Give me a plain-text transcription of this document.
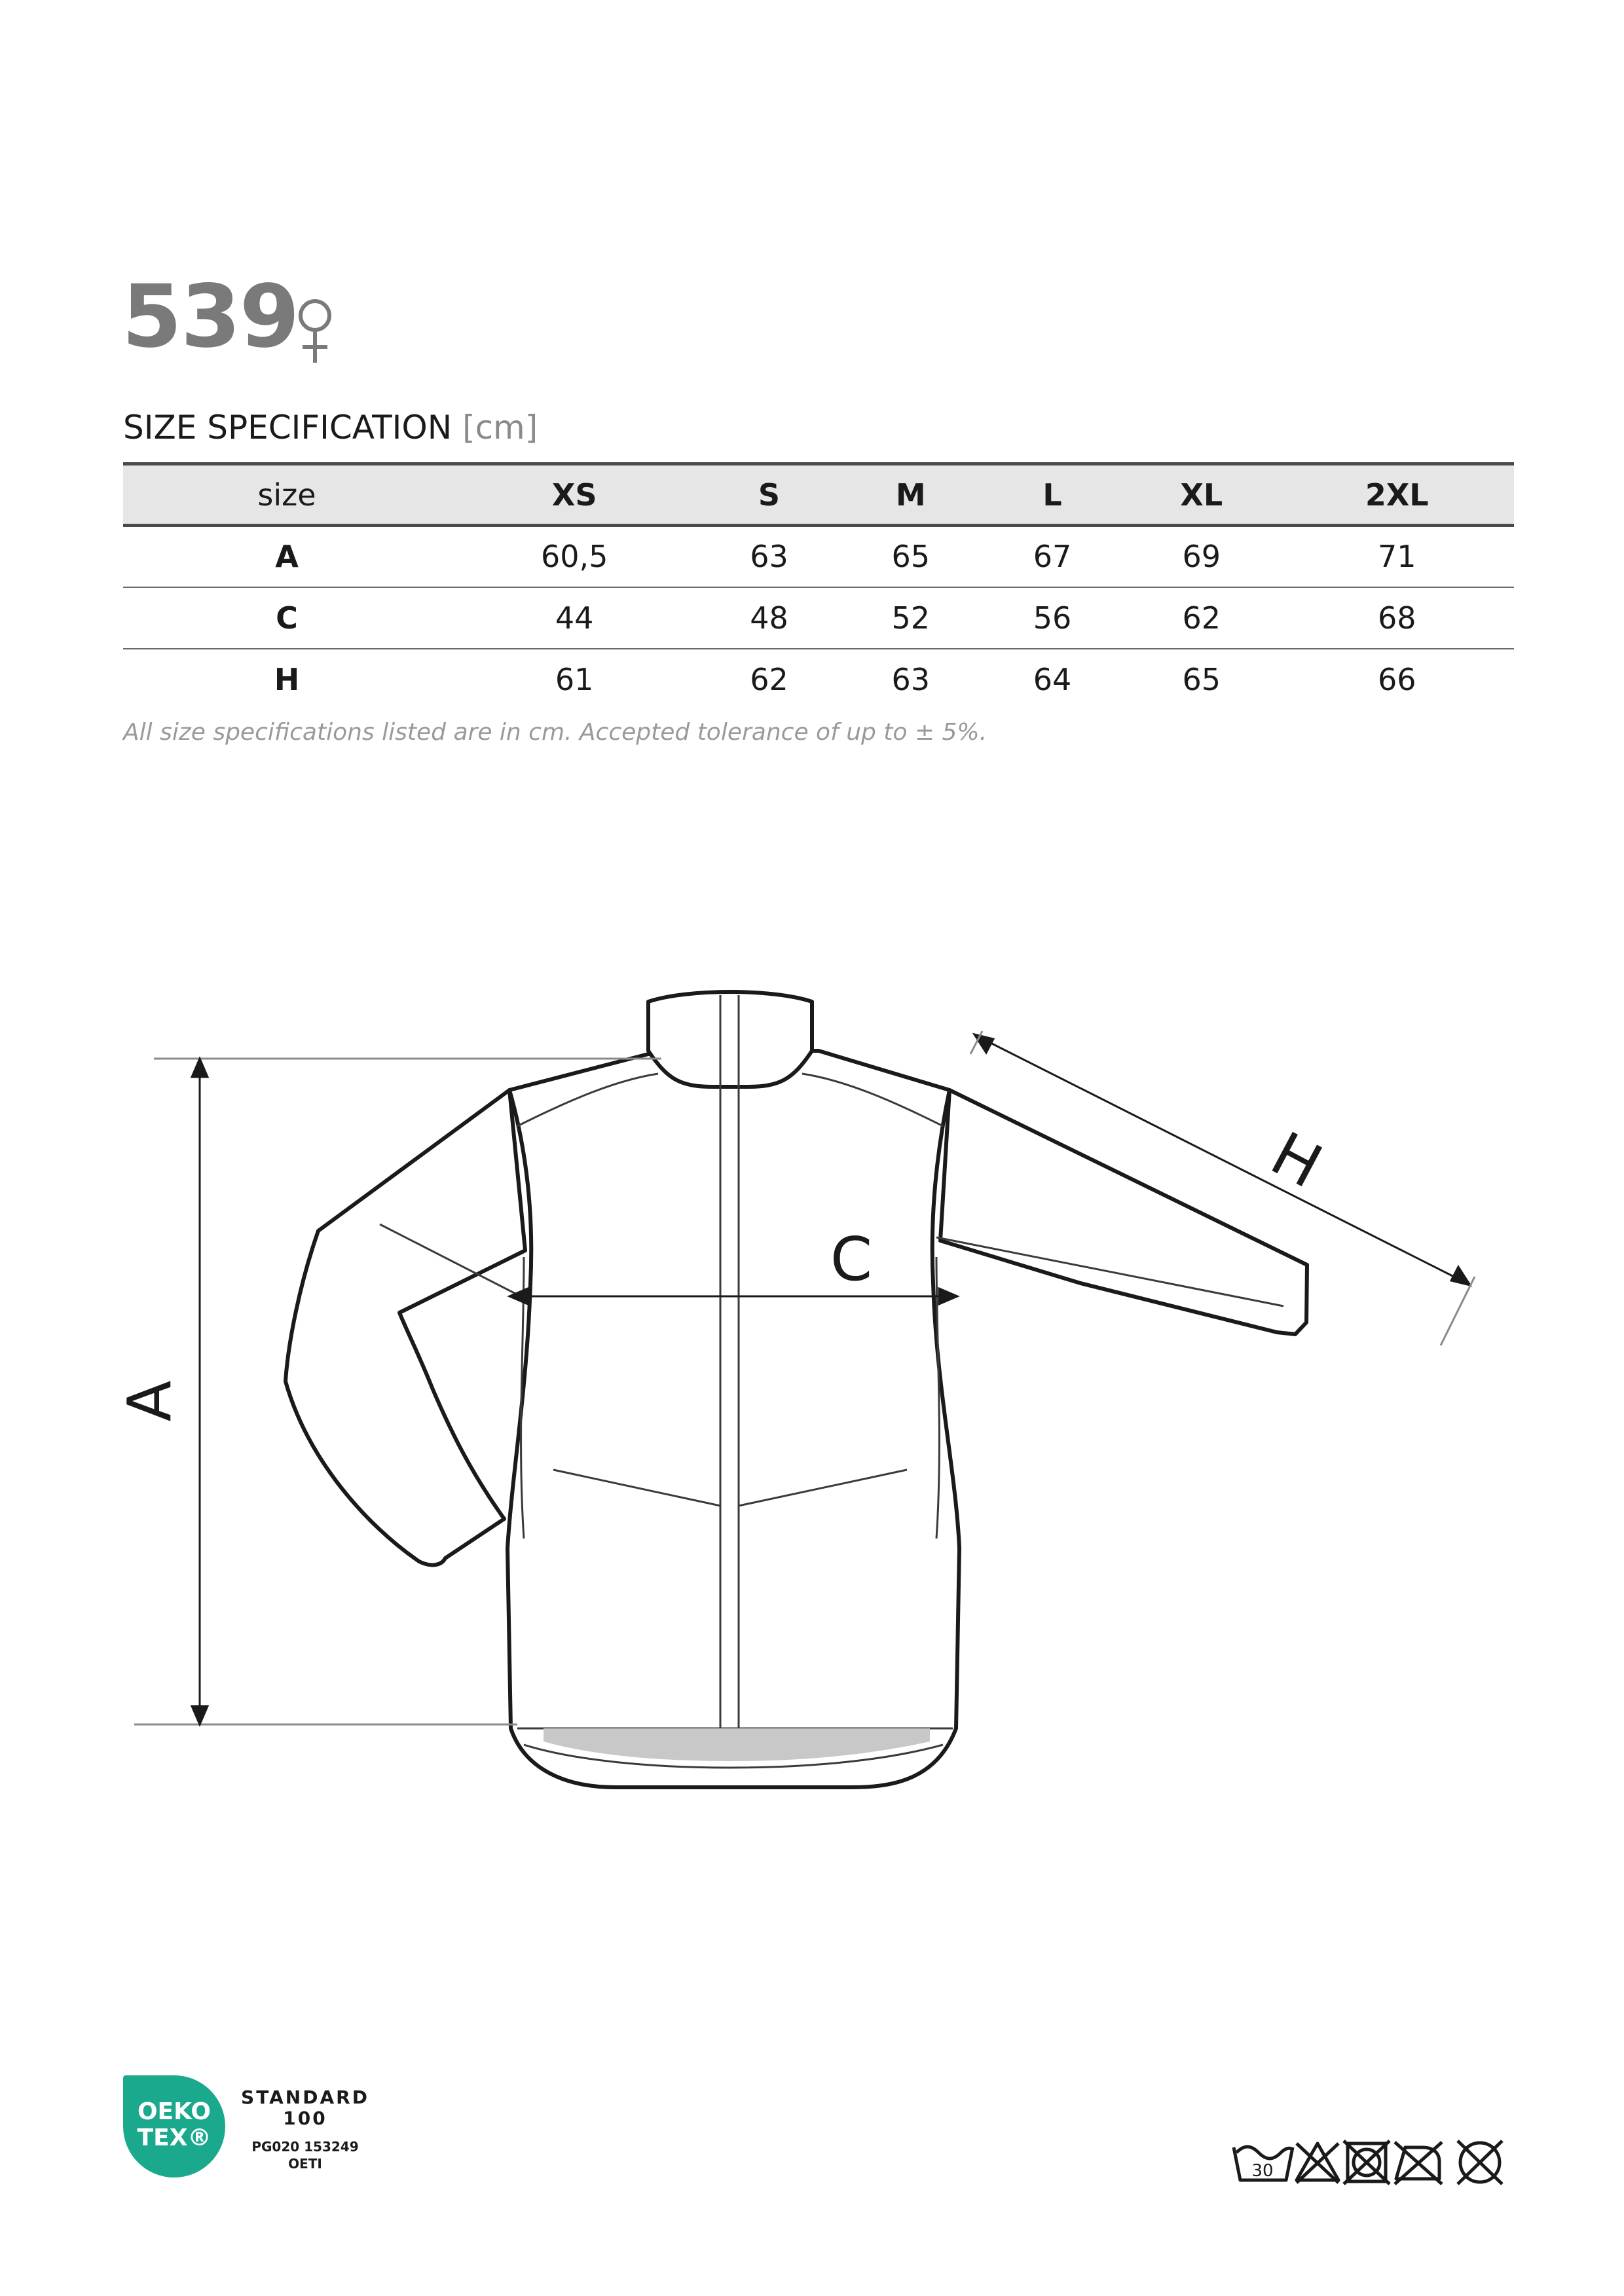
539
SIZE SPECIFICATION [cm]
size	XS	S	M	L	XL	2XL
A	60,5	63	65	67	69	71
C	44	48	52	56	62	68
H	61	62	63	64	65	66
All size specifications listed are in cm. Accepted tolerance of up to ± 5%.
A
C
H
OEKO
TEX®
STANDARD
100
PG020 153249
OETI	30
